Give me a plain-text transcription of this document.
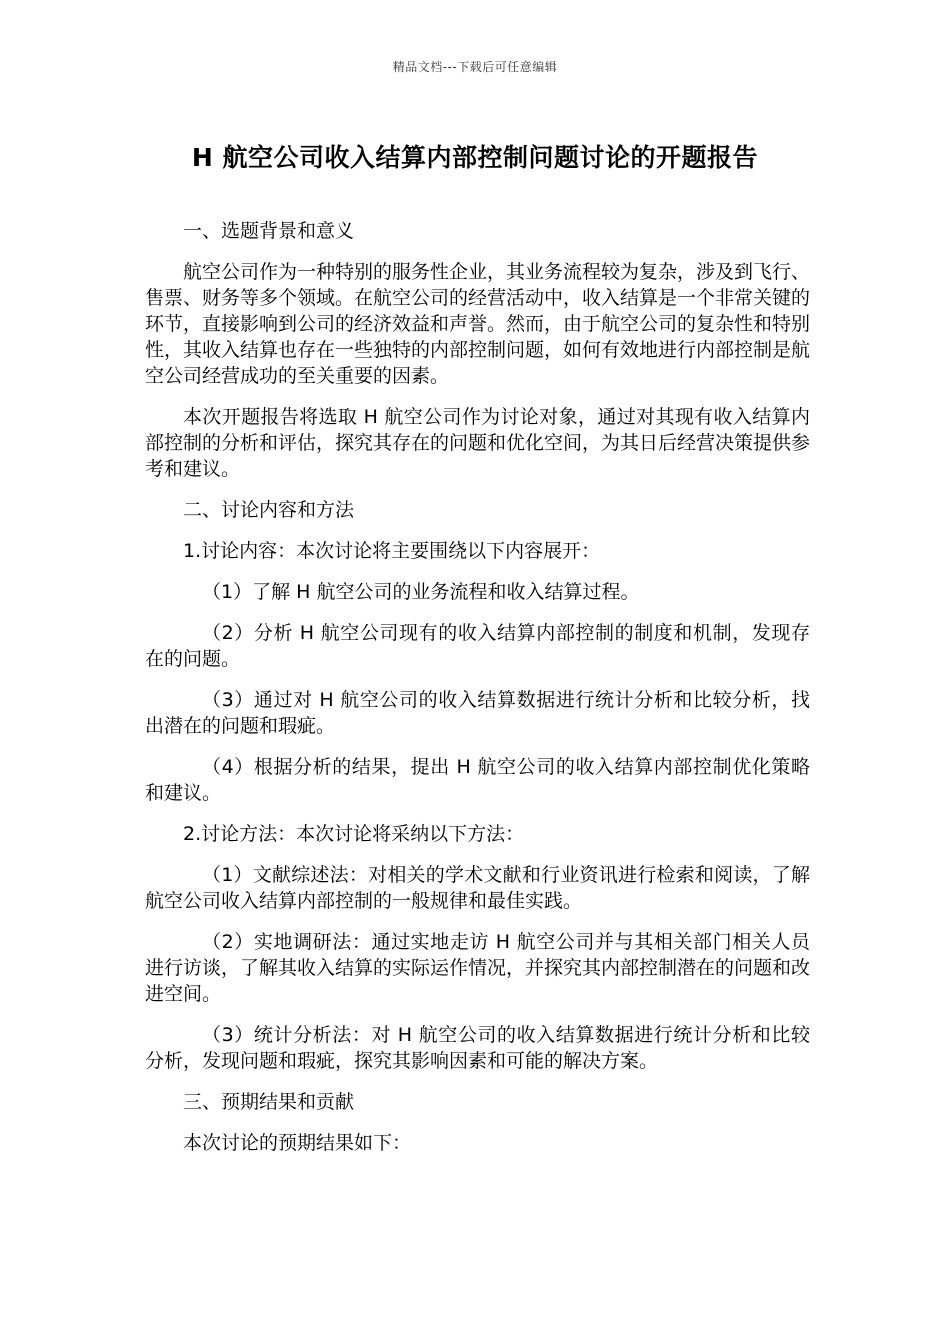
精品文档---下载后可任意编辑
H 航空公司收入结算内部控制问题讨论的开题报告

一、选题背景和意义

航空公司作为一种特别的服务性企业，其业务流程较为复杂，涉及到飞行、售票、财务等多个领域。在航空公司的经营活动中，收入结算是一个非常关键的环节，直接影响到公司的经济效益和声誉。然而，由于航空公司的复杂性和特别性，其收入结算也存在一些独特的内部控制问题，如何有效地进行内部控制是航空公司经营成功的至关重要的因素。

本次开题报告将选取 H 航空公司作为讨论对象，通过对其现有收入结算内部控制的分析和评估，探究其存在的问题和优化空间，为其日后经营决策提供参考和建议。

二、讨论内容和方法

1.讨论内容：本次讨论将主要围绕以下内容展开：

（1）了解 H 航空公司的业务流程和收入结算过程。

（2）分析 H 航空公司现有的收入结算内部控制的制度和机制，发现存在的问题。

（3）通过对 H 航空公司的收入结算数据进行统计分析和比较分析，找出潜在的问题和瑕疵。

（4）根据分析的结果，提出 H 航空公司的收入结算内部控制优化策略和建议。

2.讨论方法：本次讨论将采纳以下方法：

（1）文献综述法：对相关的学术文献和行业资讯进行检索和阅读，了解航空公司收入结算内部控制的一般规律和最佳实践。

（2）实地调研法：通过实地走访 H 航空公司并与其相关部门相关人员进行访谈，了解其收入结算的实际运作情况，并探究其内部控制潜在的问题和改进空间。

（3）统计分析法：对 H 航空公司的收入结算数据进行统计分析和比较分析，发现问题和瑕疵，探究其影响因素和可能的解决方案。

三、预期结果和贡献

本次讨论的预期结果如下：
